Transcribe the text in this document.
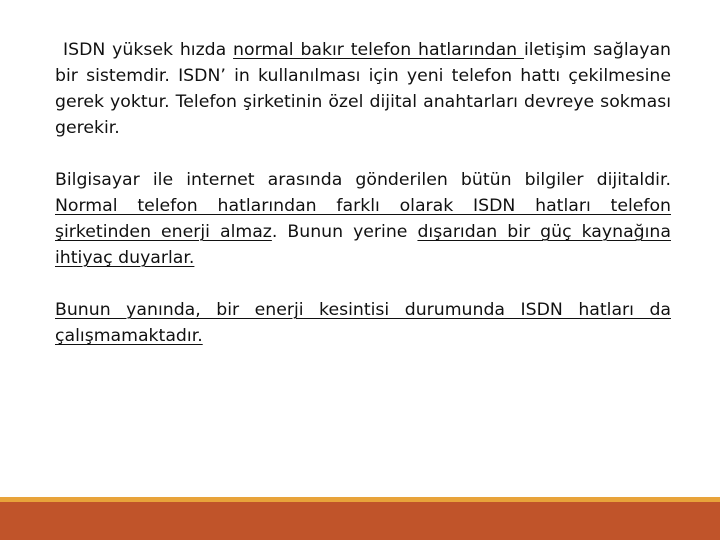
ISDN yüksek hızda normal bakır telefon hatlarından iletişim sağlayan bir sistemdir. ISDN’ in kullanılması için yeni telefon hattı çekilmesine gerek yoktur. Telefon şirketinin özel dijital anahtarları devreye sokması gerekir.

Bilgisayar ile internet arasında gönderilen bütün bilgiler dijitaldir. Normal telefon hatlarından farklı olarak ISDN hatları telefon şirketinden enerji almaz. Bunun yerine dışarıdan bir güç kaynağına ihtiyaç duyarlar.

Bunun yanında, bir enerji kesintisi durumunda ISDN hatları da çalışmamaktadır.
